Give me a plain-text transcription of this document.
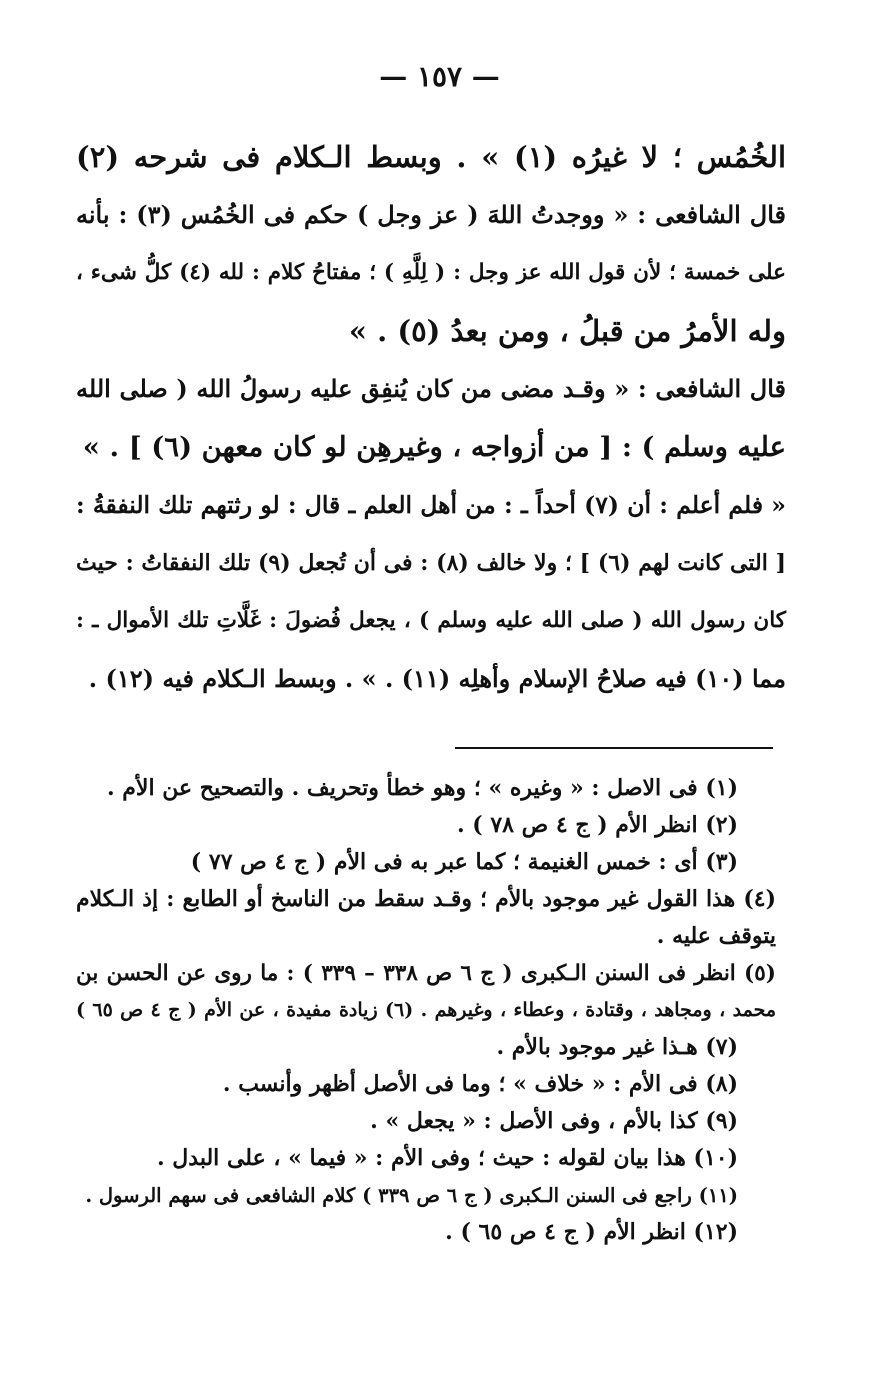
— ١٥٧ —
الخُمُس ؛ لا غيرُه (١) » . وبسط الـكلام فى شرحه (٢)
قال الشافعى : « ووجدتُ اللهَ ( عز وجل ) حكم فى الخُمُس (٣) : بأنه
على خمسة ؛ لأن قول الله عز وجل : ( لِلَّهِ ) ؛ مفتاحُ كلام : لله (٤) كلُّ شىء ،
وله الأمرُ من قبلُ ، ومن بعدُ (٥) . »
قال الشافعى : « وقـد مضى من كان يُنفِق عليه رسولُ الله ( صلى الله
عليه وسلم ) : [ من أزواجه ، وغيرهِن لو كان معهن (٦) ] . »
« فلم أعلم : أن (٧) أحداً ـ : من أهل العلم ـ قال : لو رثتهم تلك النفقةُ :
[ التى كانت لهم (٦) ] ؛ ولا خالف (٨) : فى أن تُجعل (٩) تلك النفقاتُ : حيث
كان رسول الله ( صلى الله عليه وسلم ) ، يجعل فُضولَ : غَلَّاتِ تلك الأموال ـ :
مما (١٠) فيه صلاحُ الإسلام وأهلِه (١١) . » . وبسط الـكلام فيه (١٢) .
(١) فى الاصل : « وغيره » ؛ وهو خطأ وتحريف . والتصحيح عن الأم .
(٢) انظر الأم ( ج ٤ ص ٧٨ ) .
(٣) أى : خمس الغنيمة ؛ كما عبر به فى الأم ( ج ٤ ص ٧٧ )
(٤) هذا القول غير موجود بالأم ؛ وقـد سقط من الناسخ أو الطابع : إذ الـكلام
يتوقف عليه .
(٥) انظر فى السنن الـكبرى ( ج ٦ ص ٣٣٨ – ٣٣٩ ) : ما روى عن الحسن بن
محمد ، ومجاهد ، وقتادة ، وعطاء ، وغيرهم . (٦) زيادة مفيدة ، عن الأم ( ج ٤ ص ٦٥ )
(٧) هـذا غير موجود بالأم .
(٨) فى الأم : « خلاف » ؛ وما فى الأصل أظهر وأنسب .
(٩) كذا بالأم ، وفى الأصل : « يجعل » .
(١٠) هذا بيان لقوله : حيث ؛ وفى الأم : « فيما » ، على البدل .
(١١) راجع فى السنن الـكبرى ( ج ٦ ص ٣٣٩ ) كلام الشافعى فى سهم الرسول .
(١٢) انظر الأم ( ج ٤ ص ٦٥ ) .
